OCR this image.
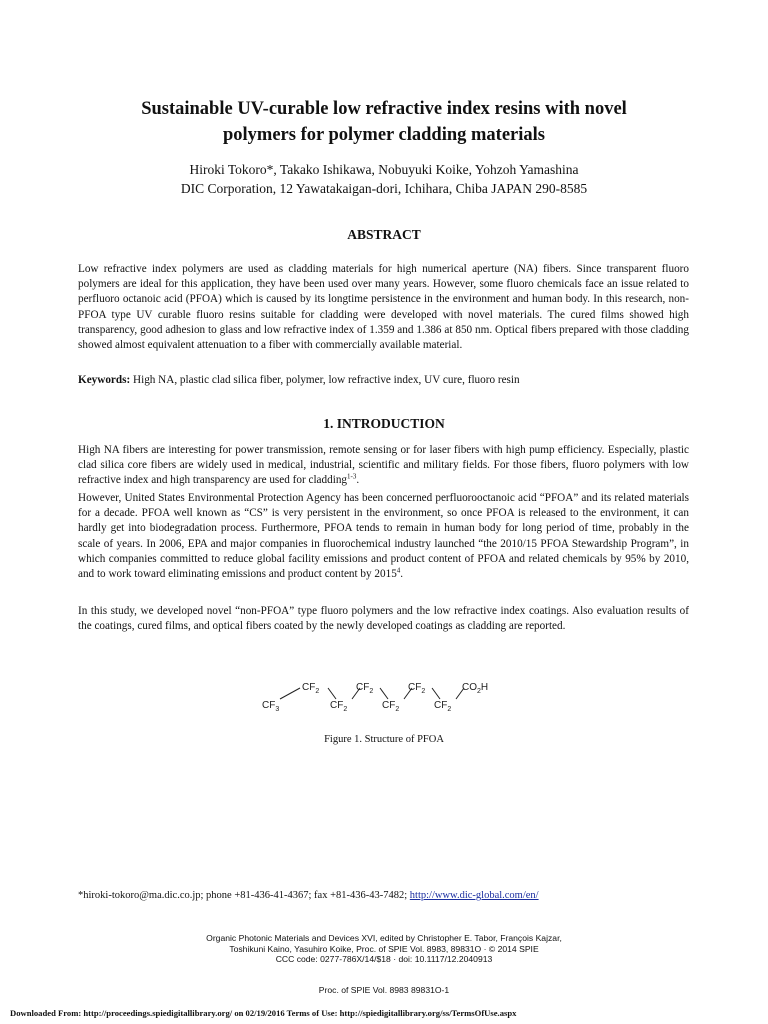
Sustainable UV-curable low refractive index resins with novel
polymers for polymer cladding materials
Hiroki Tokoro*, Takako Ishikawa, Nobuyuki Koike, Yohzoh Yamashina
DIC Corporation, 12 Yawatakaigan-dori, Ichihara, Chiba JAPAN 290-8585
ABSTRACT

Low refractive index polymers are used as cladding materials for high numerical aperture (NA) fibers. Since transparent fluoro polymers are ideal for this application, they have been used over many years. However, some fluoro chemicals face an issue related to perfluoro octanoic acid (PFOA) which is caused by its longtime persistence in the environment and human body. In this research, non-PFOA type UV curable fluoro resins suitable for cladding were developed with novel materials. The cured films showed high transparency, good adhesion to glass and low refractive index of 1.359 and 1.386 at 850 nm. Optical fibers prepared with those cladding showed almost equivalent attenuation to a fiber with commercially available material.

Keywords: High NA, plastic clad silica fiber, polymer, low refractive index, UV cure, fluoro resin

1. INTRODUCTION

High NA fibers are interesting for power transmission, remote sensing or for laser fibers with high pump efficiency. Especially, plastic clad silica core fibers are widely used in medical, industrial, scientific and military fields. For those fibers, fluoro polymers with low refractive index and high transparency are used for cladding$^{1-3}$.

However, United States Environmental Protection Agency has been concerned perfluorooctanoic acid “PFOA” and its related materials for a decade. PFOA well known as “CS” is very persistent in the environment, so once PFOA is released to the environment, it can hardly get into biodegradation process. Furthermore, PFOA tends to remain in human body for long period of time, probably in the scale of years. In 2006, EPA and major companies in fluorochemical industry launched “the 2010/15 PFOA Stewardship Program”, in which companies committed to reduce global facility emissions and product content of PFOA and related chemicals by 95% by 2010, and to work toward eliminating emissions and product content by 2015$^4$.

In this study, we developed novel “non-PFOA” type fluoro polymers and the low refractive index coatings. Also evaluation results of the coatings, cured films, and optical fibers coated by the newly developed coatings as cladding are reported.

$CF_3$
$CF_2$
$CF_2$
$CF_2$
$CF_2$
$CF_2$
$CF_2$
$CO_2H$
Figure 1. Structure of PFOA
*hiroki-tokoro@ma.dic.co.jp; phone +81-436-41-4367; fax +81-436-43-7482; http://www.dic-global.com/en/
Organic Photonic Materials and Devices XVI, edited by Christopher E. Tabor, François Kajzar,
Toshikuni Kaino, Yasuhiro Koike, Proc. of SPIE Vol. 8983, 89831O · © 2014 SPIE
CCC code: 0277-786X/14/$18 · doi: 10.1117/12.2040913
Proc. of SPIE Vol. 8983 89831O-1
Downloaded From: http://proceedings.spiedigitallibrary.org/ on 02/19/2016 Terms of Use: http://spiedigitallibrary.org/ss/TermsOfUse.aspx
